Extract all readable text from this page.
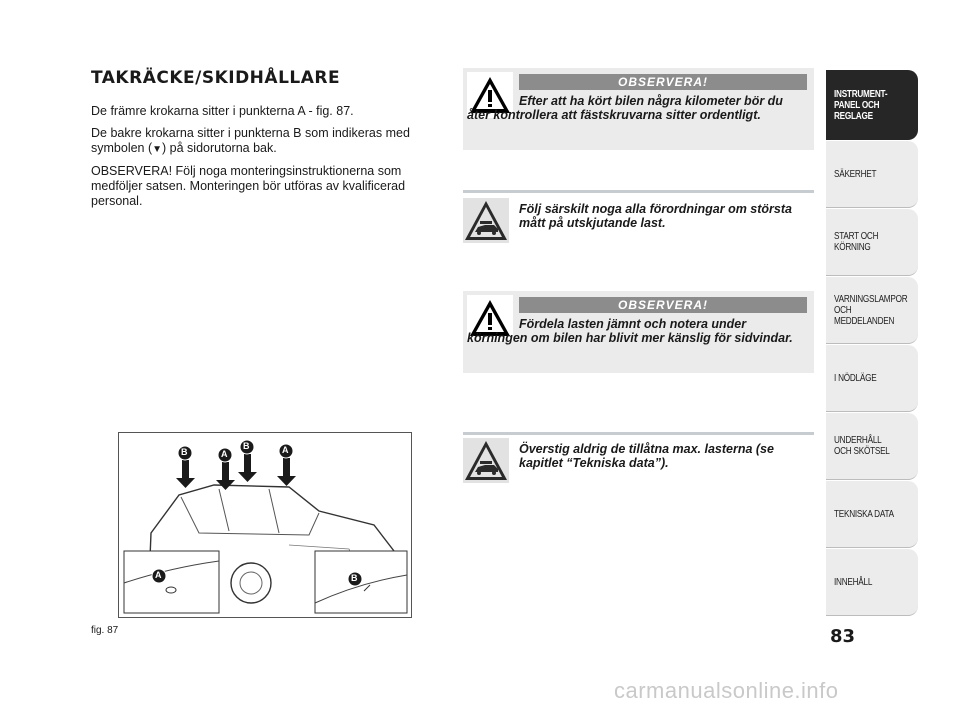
TAKRÄCKE/SKIDHÅLLARE

De främre krokarna sitter i punkterna A - fig. 87.

De bakre krokarna sitter i punkterna B som indikeras med symbolen (▼) på sidorutorna bak.

OBSERVERA! Följ noga monteringsinstruktionerna som medföljer satsen. Monteringen bör utföras av kvalificerad personal.

OBSERVERA!
Efter att ha kört bilen några kilometer bör du åter kontrollera att fästskruvarna sitter ordentligt.
Följ särskilt noga alla förordningar om största mått på utskjutande last.
OBSERVERA!
Fördela lasten jämnt och notera under körningen om bilen har blivit mer känslig för sidvindar.
Överstig aldrig de tillåtna max. lasterna (se kapitlet “Tekniska data”).
B	A
B	A
A	B
fig. 87
INSTRUMENT-
PANEL OCH
REGLAGE
SÄKERHET
START OCH
KÖRNING
VARNINGSLAMPOR
OCH
MEDDELANDEN
I NÖDLÄGE
UNDERHÅLL
OCH SKÖTSEL
TEKNISKA DATA
INNEHÅLL
83
carmanualsonline.info
